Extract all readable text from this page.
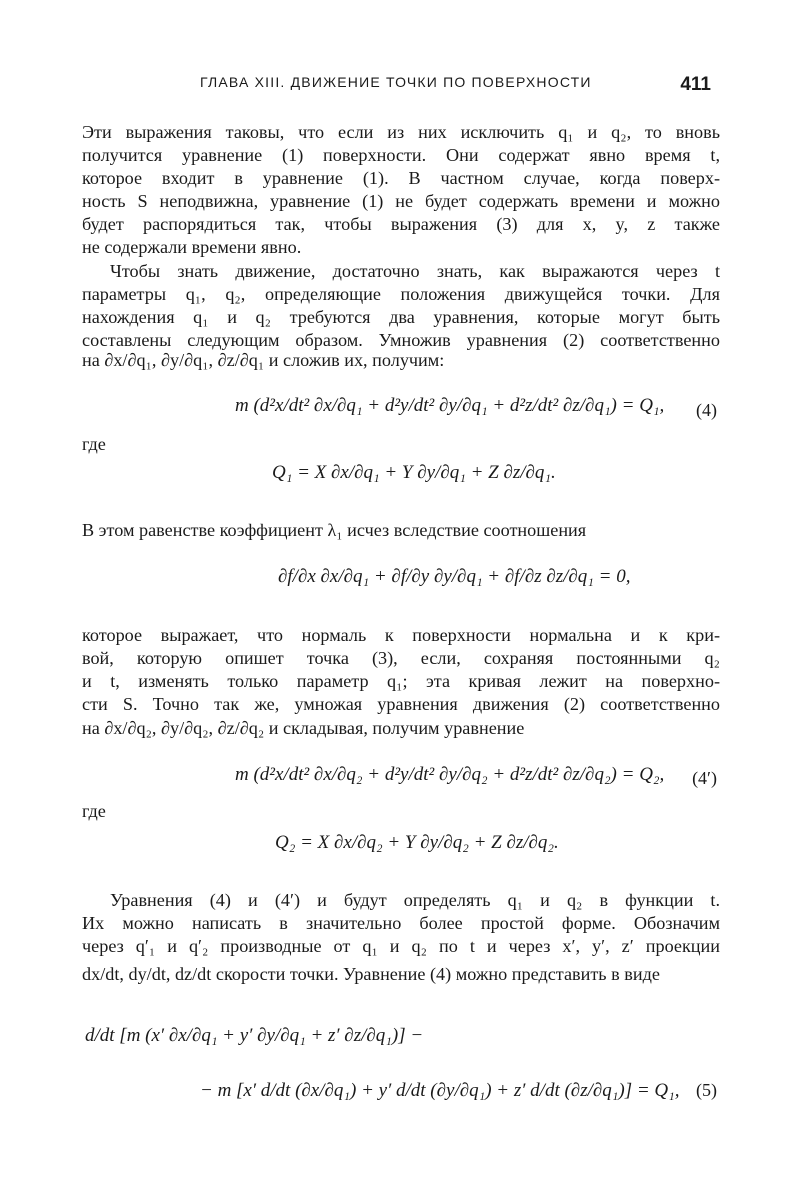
ГЛАВА XIII. ДВИЖЕНИЕ ТОЧКИ ПО ПОВЕРХНОСТИ	411
Эти выражения таковы, что если из них исключить q₁ и q₂, то вновь
получится уравнение (1) поверхности. Они содержат явно время t,
которое входит в уравнение (1). В частном случае, когда поверх-
ность S неподвижна, уравнение (1) не будет содержать времени и можно
будет распорядиться так, чтобы выражения (3) для x, y, z также
не содержали времени явно.
Чтобы знать движение, достаточно знать, как выражаются через t
параметры q₁, q₂, определяющие положения движущейся точки. Для
нахождения q₁ и q₂ требуются два уравнения, которые могут быть
составлены следующим образом. Умножив уравнения (2) соответственно
на ∂x/∂q₁, ∂y/∂q₁, ∂z/∂q₁ и сложив их, получим:
m (d²x/dt² ∂x/∂q₁ + d²y/dt² ∂y/∂q₁ + d²z/dt² ∂z/∂q₁) = Q₁, (4)
где
Q₁ = X ∂x/∂q₁ + Y ∂y/∂q₁ + Z ∂z/∂q₁.
В этом равенстве коэффициент λ₁ исчез вследствие соотношения
∂f/∂x ∂x/∂q₁ + ∂f/∂y ∂y/∂q₁ + ∂f/∂z ∂z/∂q₁ = 0,
которое выражает, что нормаль к поверхности нормальна и к кри-
вой, которую опишет точка (3), если, сохраняя постоянными q₂
и t, изменять только параметр q₁; эта кривая лежит на поверхно-
сти S. Точно так же, умножая уравнения движения (2) соответственно
на ∂x/∂q₂, ∂y/∂q₂, ∂z/∂q₂ и складывая, получим уравнение
m (d²x/dt² ∂x/∂q₂ + d²y/dt² ∂y/∂q₂ + d²z/dt² ∂z/∂q₂) = Q₂, (4′)
где
Q₂ = X ∂x/∂q₂ + Y ∂y/∂q₂ + Z ∂z/∂q₂.
Уравнения (4) и (4′) и будут определять q₁ и q₂ в функции t.
Их можно написать в значительно более простой форме. Обозначим
через q′₁ и q′₂ производные от q₁ и q₂ по t и через x′, y′, z′ проекции
dx/dt, dy/dt, dz/dt скорости точки. Уравнение (4) можно представить в виде
d/dt [m (x′ ∂x/∂q₁ + y′ ∂y/∂q₁ + z′ ∂z/∂q₁)] −
− m [x′ d/dt (∂x/∂q₁) + y′ d/dt (∂y/∂q₁) + z′ d/dt (∂z/∂q₁)] = Q₁, (5)
